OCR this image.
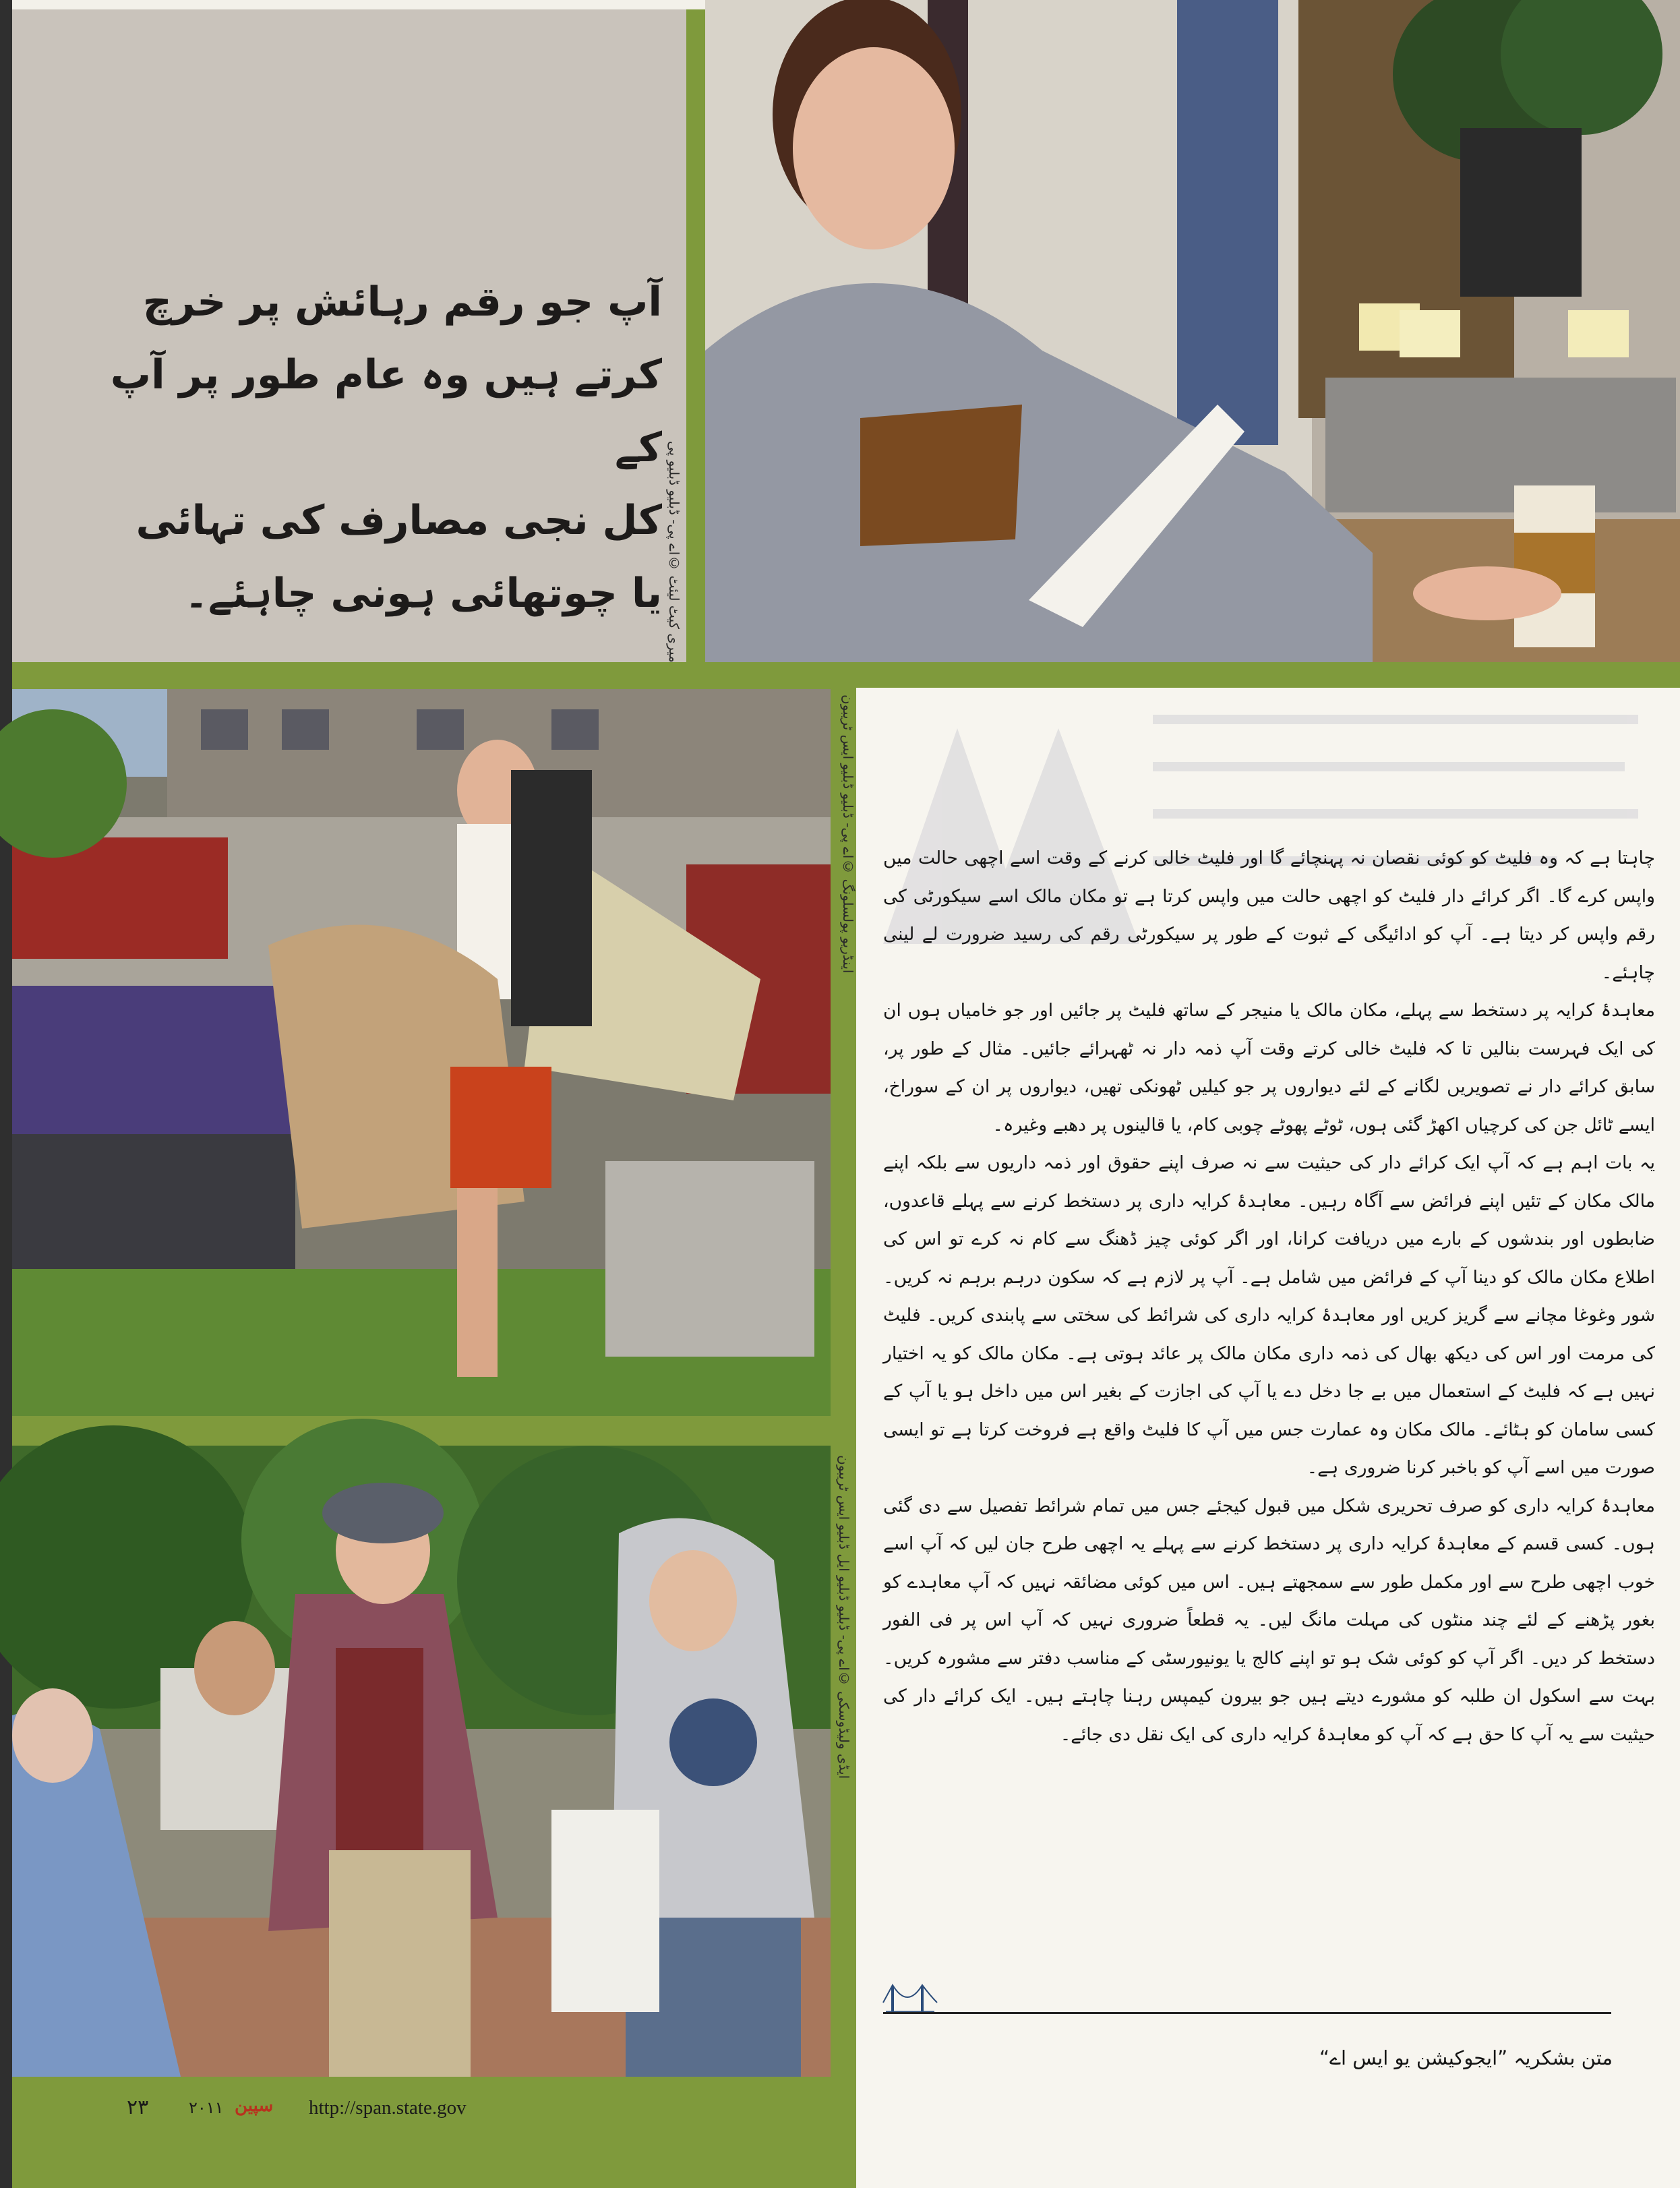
آپ جو رقم رہائش پر خرچ
کرتے ہیں وہ عام طور پر آپ کے
کل نجی مصارف کی تہائی
یا چوتھائی ہونی چاہئے۔ میری کیٹ لیئٹ ©اے پی- ڈبلیو ڈبلیو پی
اینڈریو پولسلونگ ©اے پی- ڈبلیو ڈبلیو ایس ٹریبون
ایڈی ولیڈوسکی ©اے پی- ڈبلیو ڈبلیو ایل ڈبلیو ایس ٹریبون

چاہتا ہے کہ وہ فلیٹ کو کوئی نقصان نہ پہنچائے گا اور فلیٹ خالی کرنے کے وقت اسے اچھی حالت میں واپس کرے گا۔ اگر کرائے دار فلیٹ کو اچھی حالت میں واپس کرتا ہے تو مکان مالک اسے سیکورٹی کی رقم واپس کر دیتا ہے۔ آپ کو ادائیگی کے ثبوت کے طور پر سیکورٹی رقم کی رسید ضرورت لے لینی چاہئے۔

معاہدۂ کرایہ پر دستخط سے پہلے، مکان مالک یا منیجر کے ساتھ فلیٹ پر جائیں اور جو خامیاں ہوں ان کی ایک فہرست بنالیں تا کہ فلیٹ خالی کرتے وقت آپ ذمہ دار نہ ٹھہرائے جائیں۔ مثال کے طور پر، سابق کرائے دار نے تصویریں لگانے کے لئے دیواروں پر جو کیلیں ٹھونکی تھیں، دیواروں پر ان کے سوراخ، ایسے ٹائل جن کی کرچیاں اکھڑ گئی ہوں، ٹوٹے پھوٹے چوبی کام، یا قالینوں پر دھبے وغیرہ۔

یہ بات اہم ہے کہ آپ ایک کرائے دار کی حیثیت سے نہ صرف اپنے حقوق اور ذمہ داریوں سے بلکہ اپنے مالک مکان کے تئیں اپنے فرائض سے آگاہ رہیں۔ معاہدۂ کرایہ داری پر دستخط کرنے سے پہلے قاعدوں، ضابطوں اور بندشوں کے بارے میں دریافت کرانا، اور اگر کوئی چیز ڈھنگ سے کام نہ کرے تو اس کی اطلاع مکان مالک کو دینا آپ کے فرائض میں شامل ہے۔ آپ پر لازم ہے کہ سکون درہم برہم نہ کریں۔ شور وغوغا مچانے سے گریز کریں اور معاہدۂ کرایہ داری کی شرائط کی سختی سے پابندی کریں۔ فلیٹ کی مرمت اور اس کی دیکھ بھال کی ذمہ داری مکان مالک پر عائد ہوتی ہے۔ مکان مالک کو یہ اختیار نہیں ہے کہ فلیٹ کے استعمال میں بے جا دخل دے یا آپ کی اجازت کے بغیر اس میں داخل ہو یا آپ کے کسی سامان کو ہٹائے۔ مالک مکان وہ عمارت جس میں آپ کا فلیٹ واقع ہے فروخت کرتا ہے تو ایسی صورت میں اسے آپ کو باخبر کرنا ضروری ہے۔

معاہدۂ کرایہ داری کو صرف تحریری شکل میں قبول کیجئے جس میں تمام شرائط تفصیل سے دی گئی ہوں۔ کسی قسم کے معاہدۂ کرایہ داری پر دستخط کرنے سے پہلے یہ اچھی طرح جان لیں کہ آپ اسے خوب اچھی طرح سے اور مکمل طور سے سمجھتے ہیں۔ اس میں کوئی مضائقہ نہیں کہ آپ معاہدے کو بغور پڑھنے کے لئے چند منٹوں کی مہلت مانگ لیں۔ یہ قطعاً ضروری نہیں کہ آپ اس پر فی الفور دستخط کر دیں۔ اگر آپ کو کوئی شک ہو تو اپنے کالج یا یونیورسٹی کے مناسب دفتر سے مشورہ کریں۔ بہت سے اسکول ان طلبہ کو مشورے دیتے ہیں جو بیرون کیمپس رہنا چاہتے ہیں۔ ایک کرائے دار کی حیثیت سے یہ آپ کا حق ہے کہ آپ کو معاہدۂ کرایہ داری کی ایک نقل دی جائے۔

متن بشکریہ ”ایجوکیشن یو ایس اے“
۲۳ ۲۰۱۱ سپین http://span.state.gov
